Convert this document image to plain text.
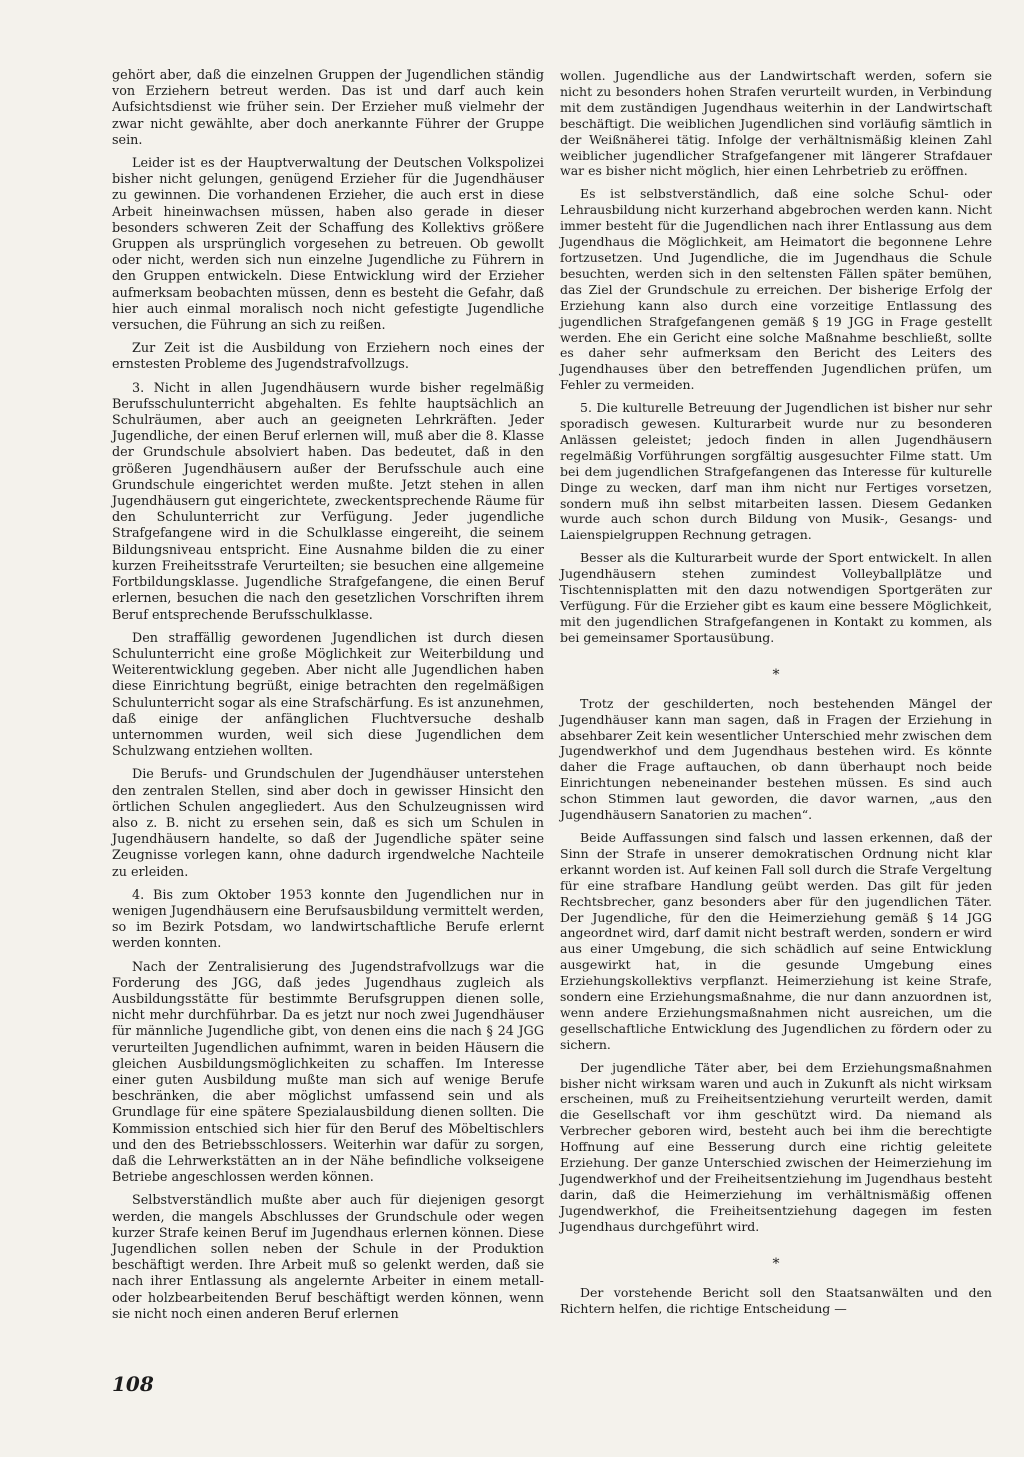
gehört aber, daß die einzelnen Gruppen der Jugendlichen ständig von Erziehern betreut werden. Das ist und darf auch kein Aufsichtsdienst wie früher sein. Der Erzieher muß vielmehr der zwar nicht gewählte, aber doch anerkannte Führer der Gruppe sein.

Leider ist es der Hauptverwaltung der Deutschen Volkspolizei bisher nicht gelungen, genügend Erzieher für die Jugendhäuser zu gewinnen. Die vorhandenen Erzieher, die auch erst in diese Arbeit hineinwachsen müssen, haben also gerade in dieser besonders schweren Zeit der Schaffung des Kollektivs größere Gruppen als ursprünglich vorgesehen zu betreuen. Ob gewollt oder nicht, werden sich nun einzelne Jugendliche zu Führern in den Gruppen entwickeln. Diese Entwicklung wird der Erzieher aufmerksam beobachten müssen, denn es besteht die Gefahr, daß hier auch einmal moralisch noch nicht gefestigte Jugendliche versuchen, die Führung an sich zu reißen.

Zur Zeit ist die Ausbildung von Erziehern noch eines der ernstesten Probleme des Jugendstrafvollzugs.

3. Nicht in allen Jugendhäusern wurde bisher regelmäßig Berufsschulunterricht abgehalten. Es fehlte hauptsächlich an Schulräumen, aber auch an geeigneten Lehrkräften. Jeder Jugendliche, der einen Beruf erlernen will, muß aber die 8. Klasse der Grundschule absolviert haben. Das bedeutet, daß in den größeren Jugendhäusern außer der Berufsschule auch eine Grundschule eingerichtet werden mußte. Jetzt stehen in allen Jugendhäusern gut eingerichtete, zweckentsprechende Räume für den Schulunterricht zur Verfügung. Jeder jugendliche Strafgefangene wird in die Schulklasse eingereiht, die seinem Bildungsniveau entspricht. Eine Ausnahme bilden die zu einer kurzen Freiheitsstrafe Verurteilten; sie besuchen eine allgemeine Fortbildungsklasse. Jugendliche Strafgefangene, die einen Beruf erlernen, besuchen die nach den gesetzlichen Vorschriften ihrem Beruf entsprechende Berufsschulklasse.

Den straffällig gewordenen Jugendlichen ist durch diesen Schulunterricht eine große Möglichkeit zur Weiterbildung und Weiterentwicklung gegeben. Aber nicht alle Jugendlichen haben diese Einrichtung begrüßt, einige betrachten den regelmäßigen Schulunterricht sogar als eine Strafschärfung. Es ist anzunehmen, daß einige der anfänglichen Fluchtversuche deshalb unternommen wurden, weil sich diese Jugendlichen dem Schulzwang entziehen wollten.

Die Berufs- und Grundschulen der Jugendhäuser unterstehen den zentralen Stellen, sind aber doch in gewisser Hinsicht den örtlichen Schulen angegliedert. Aus den Schulzeugnissen wird also z. B. nicht zu ersehen sein, daß es sich um Schulen in Jugendhäusern handelte, so daß der Jugendliche später seine Zeugnisse vorlegen kann, ohne dadurch irgendwelche Nachteile zu erleiden.

4. Bis zum Oktober 1953 konnte den Jugendlichen nur in wenigen Jugendhäusern eine Berufsausbildung vermittelt werden, so im Bezirk Potsdam, wo landwirtschaftliche Berufe erlernt werden konnten.

Nach der Zentralisierung des Jugendstrafvollzugs war die Forderung des JGG, daß jedes Jugendhaus zugleich als Ausbildungsstätte für bestimmte Berufsgruppen dienen solle, nicht mehr durchführbar. Da es jetzt nur noch zwei Jugendhäuser für männliche Jugendliche gibt, von denen eins die nach § 24 JGG verurteilten Jugendlichen aufnimmt, waren in beiden Häusern die gleichen Ausbildungsmöglichkeiten zu schaffen. Im Interesse einer guten Ausbildung mußte man sich auf wenige Berufe beschränken, die aber möglichst umfassend sein und als Grundlage für eine spätere Spezialausbildung dienen sollten. Die Kommission entschied sich hier für den Beruf des Möbeltischlers und den des Betriebsschlossers. Weiterhin war dafür zu sorgen, daß die Lehrwerkstätten an in der Nähe befindliche volkseigene Betriebe angeschlossen werden können.

Selbstverständlich mußte aber auch für diejenigen gesorgt werden, die mangels Abschlusses der Grundschule oder wegen kurzer Strafe keinen Beruf im Jugendhaus erlernen können. Diese Jugendlichen sollen neben der Schule in der Produktion beschäftigt werden. Ihre Arbeit muß so gelenkt werden, daß sie nach ihrer Entlassung als angelernte Arbeiter in einem metall- oder holzbearbeitenden Beruf beschäftigt werden können, wenn sie nicht noch einen anderen Beruf erlernen

wollen. Jugendliche aus der Landwirtschaft werden, sofern sie nicht zu besonders hohen Strafen verurteilt wurden, in Verbindung mit dem zuständigen Jugendhaus weiterhin in der Landwirtschaft beschäftigt. Die weiblichen Jugendlichen sind vorläufig sämtlich in der Weißnäherei tätig. Infolge der verhältnismäßig kleinen Zahl weiblicher jugendlicher Strafgefangener mit längerer Strafdauer war es bisher nicht möglich, hier einen Lehrbetrieb zu eröffnen.

Es ist selbstverständlich, daß eine solche Schul- oder Lehrausbildung nicht kurzerhand abgebrochen werden kann. Nicht immer besteht für die Jugendlichen nach ihrer Entlassung aus dem Jugendhaus die Möglichkeit, am Heimatort die begonnene Lehre fortzusetzen. Und Jugendliche, die im Jugendhaus die Schule besuchten, werden sich in den seltensten Fällen später bemühen, das Ziel der Grundschule zu erreichen. Der bisherige Erfolg der Erziehung kann also durch eine vorzeitige Entlassung des jugendlichen Strafgefangenen gemäß § 19 JGG in Frage gestellt werden. Ehe ein Gericht eine solche Maßnahme beschließt, sollte es daher sehr aufmerksam den Bericht des Leiters des Jugendhauses über den betreffenden Jugendlichen prüfen, um Fehler zu vermeiden.

5. Die kulturelle Betreuung der Jugendlichen ist bisher nur sehr sporadisch gewesen. Kulturarbeit wurde nur zu besonderen Anlässen geleistet; jedoch finden in allen Jugendhäusern regelmäßig Vorführungen sorgfältig ausgesuchter Filme statt. Um bei dem jugendlichen Strafgefangenen das Interesse für kulturelle Dinge zu wecken, darf man ihm nicht nur Fertiges vorsetzen, sondern muß ihn selbst mitarbeiten lassen. Diesem Gedanken wurde auch schon durch Bildung von Musik-, Gesangs- und Laienspielgruppen Rechnung getragen.

Besser als die Kulturarbeit wurde der Sport entwickelt. In allen Jugendhäusern stehen zumindest Volleyballplätze und Tischtennisplatten mit den dazu notwendigen Sportgeräten zur Verfügung. Für die Erzieher gibt es kaum eine bessere Möglichkeit, mit den jugendlichen Strafgefangenen in Kontakt zu kommen, als bei gemeinsamer Sportausübung.

*

Trotz der geschilderten, noch bestehenden Mängel der Jugendhäuser kann man sagen, daß in Fragen der Erziehung in absehbarer Zeit kein wesentlicher Unterschied mehr zwischen dem Jugendwerkhof und dem Jugendhaus bestehen wird. Es könnte daher die Frage auftauchen, ob dann überhaupt noch beide Einrichtungen nebeneinander bestehen müssen. Es sind auch schon Stimmen laut geworden, die davor warnen, „aus den Jugendhäusern Sanatorien zu machen“.

Beide Auffassungen sind falsch und lassen erkennen, daß der Sinn der Strafe in unserer demokratischen Ordnung nicht klar erkannt worden ist. Auf keinen Fall soll durch die Strafe Vergeltung für eine strafbare Handlung geübt werden. Das gilt für jeden Rechtsbrecher, ganz besonders aber für den jugendlichen Täter. Der Jugendliche, für den die Heimerziehung gemäß § 14 JGG angeordnet wird, darf damit nicht bestraft werden, sondern er wird aus einer Umgebung, die sich schädlich auf seine Entwicklung ausgewirkt hat, in die gesunde Umgebung eines Erziehungskollektivs verpflanzt. Heimerziehung ist keine Strafe, sondern eine Erziehungsmaßnahme, die nur dann anzuordnen ist, wenn andere Erziehungsmaßnahmen nicht ausreichen, um die gesellschaftliche Entwicklung des Jugendlichen zu fördern oder zu sichern.

Der jugendliche Täter aber, bei dem Erziehungsmaßnahmen bisher nicht wirksam waren und auch in Zukunft als nicht wirksam erscheinen, muß zu Freiheitsentziehung verurteilt werden, damit die Gesellschaft vor ihm geschützt wird. Da niemand als Verbrecher geboren wird, besteht auch bei ihm die berechtigte Hoffnung auf eine Besserung durch eine richtig geleitete Erziehung. Der ganze Unterschied zwischen der Heimerziehung im Jugendwerkhof und der Freiheitsentziehung im Jugendhaus besteht darin, daß die Heimerziehung im verhältnismäßig offenen Jugendwerkhof, die Freiheitsentziehung dagegen im festen Jugendhaus durchgeführt wird.

*

Der vorstehende Bericht soll den Staatsanwälten und den Richtern helfen, die richtige Entscheidung —

108
